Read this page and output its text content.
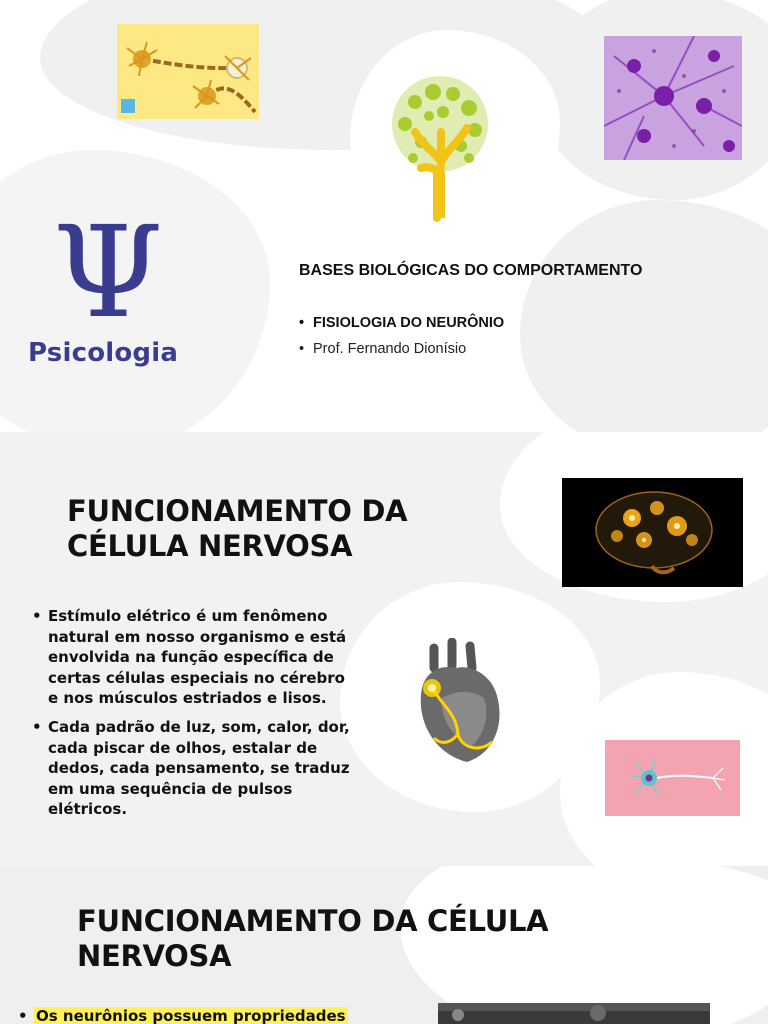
Ψ
Psicologia
BASES BIOLÓGICAS DO COMPORTAMENTO
• FISIOLOGIA DO NEURÔNIO
• Prof. Fernando Dionísio
FUNCIONAMENTO DA CÉLULA NERVOSA
• Estímulo elétrico é um fenômeno natural em nosso organismo e está envolvida na função específica de certas células especiais no cérebro e nos músculos estriados e lisos.
• Cada padrão de luz, som, calor, dor, cada piscar de olhos, estalar de dedos, cada pensamento, se traduz em uma sequência de pulsos elétricos.
FUNCIONAMENTO DA CÉLULA NERVOSA
• Os neurônios possuem propriedades
